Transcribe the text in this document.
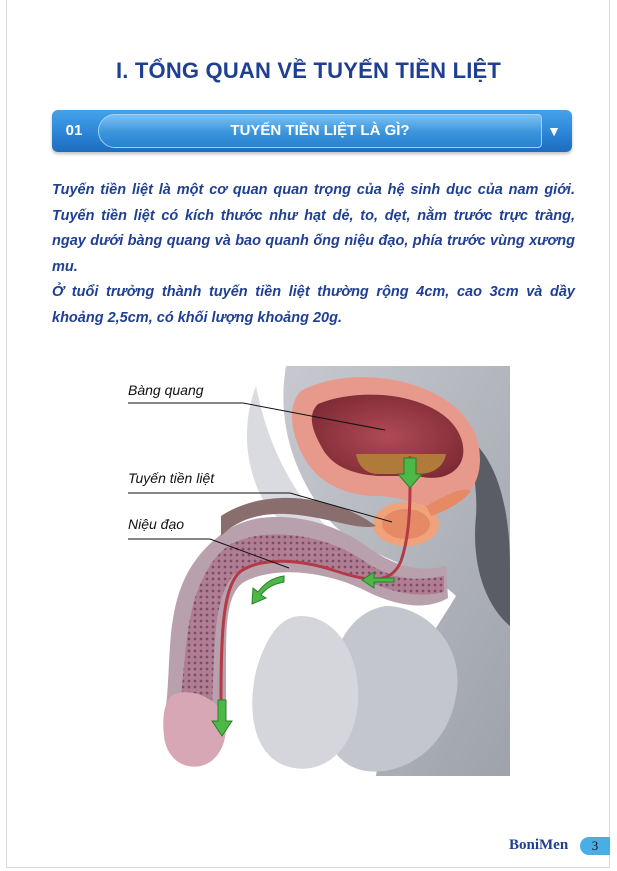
I. TỔNG QUAN VỀ TUYẾN TIỀN LIỆT
01	TUYẾN TIỀN LIỆT LÀ GÌ?	▼

Tuyến tiền liệt là một cơ quan quan trọng của hệ sinh dục của nam giới. Tuyến tiền liệt có kích thước như hạt dẻ, to, dẹt, nằm trước trực tràng, ngay dưới bàng quang và bao quanh ống niệu đạo, phía trước vùng xương mu.

Ở tuổi trưởng thành tuyến tiền liệt thường rộng 4cm, cao 3cm và dầy khoảng 2,5cm, có khối lượng khoảng 20g.

Bàng quang
Tuyến tiền liệt
Niệu đạo
BoniMen	3
